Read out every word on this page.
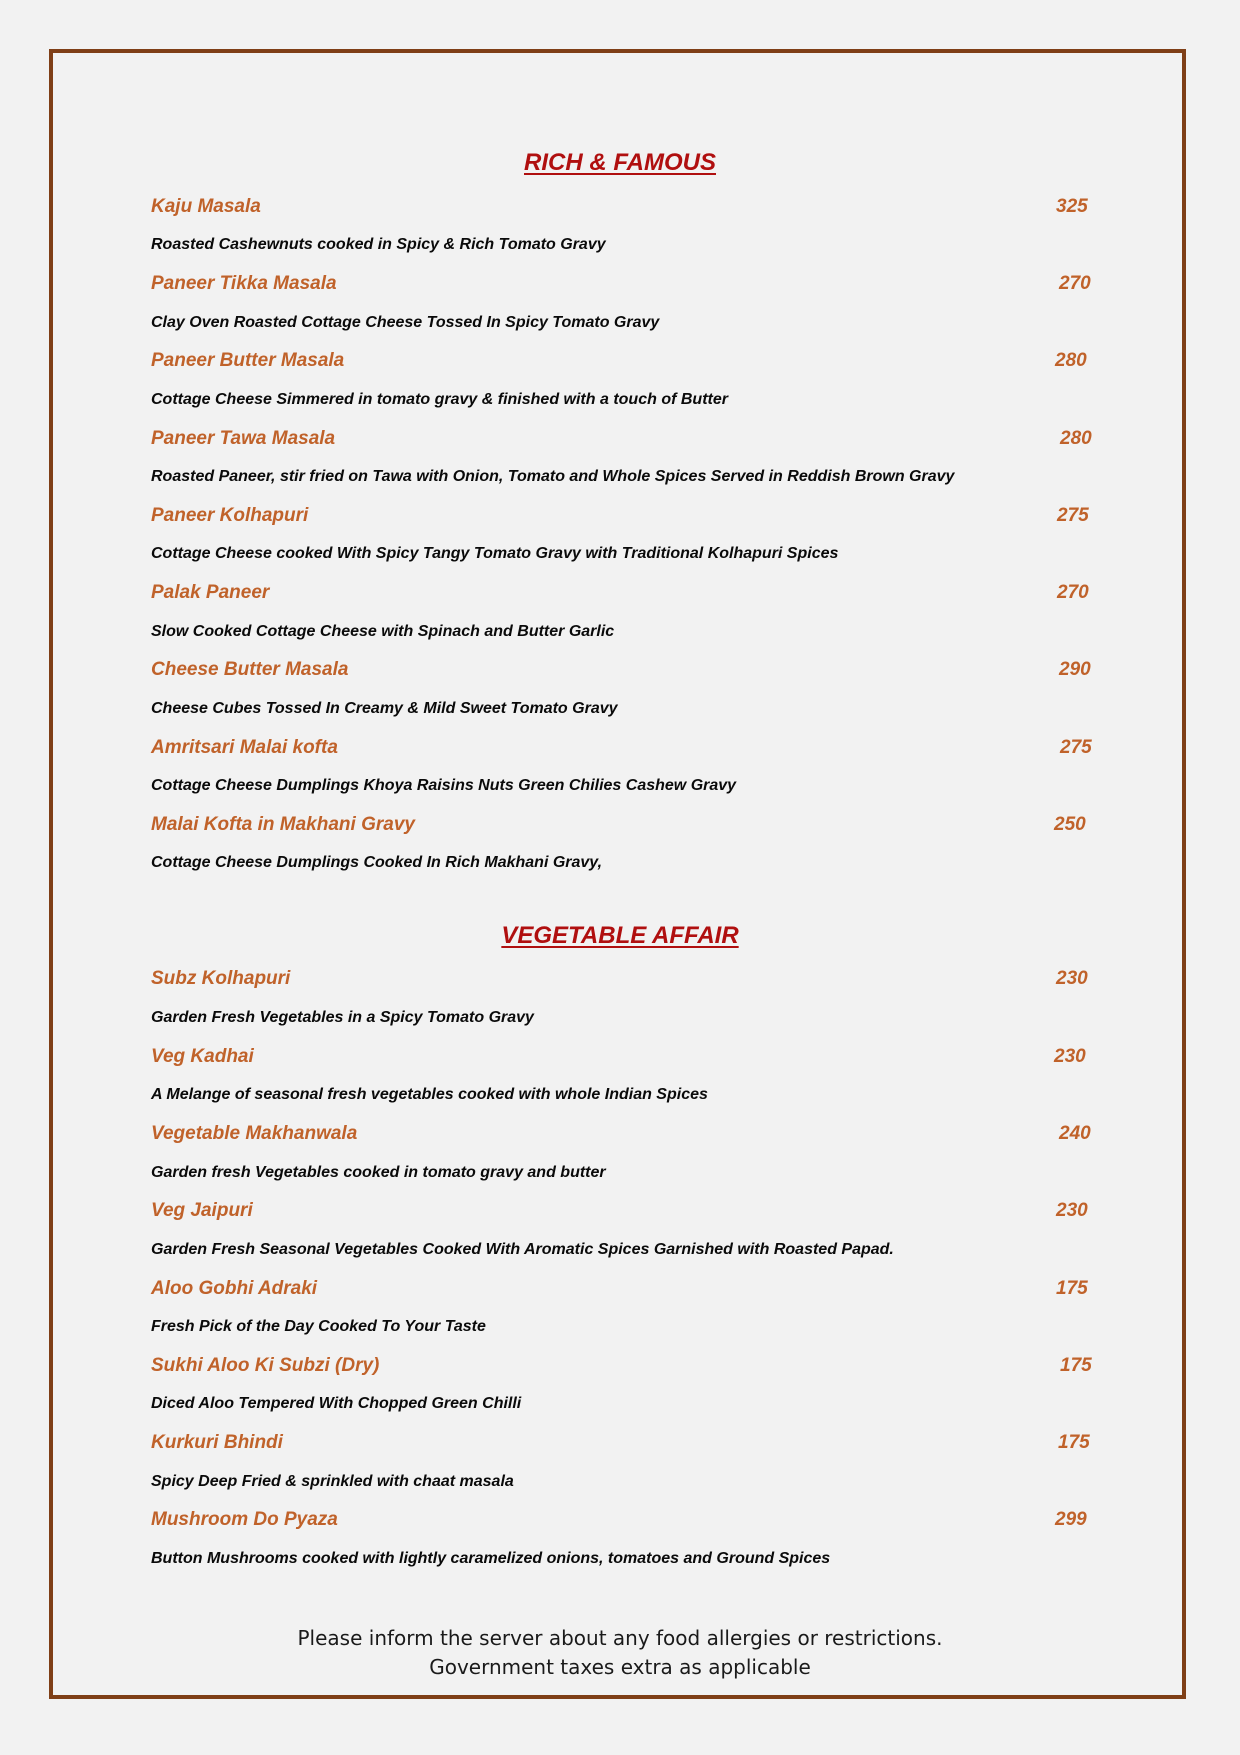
RICH & FAMOUS
Kaju Masala	325
Roasted Cashewnuts cooked in Spicy & Rich Tomato Gravy
Paneer Tikka Masala	270
Clay Oven Roasted Cottage Cheese Tossed In Spicy Tomato Gravy
Paneer Butter Masala	280
Cottage Cheese Simmered in tomato gravy & finished with a touch of Butter
Paneer Tawa Masala	280
Roasted Paneer, stir fried on Tawa with Onion, Tomato and Whole Spices Served in Reddish Brown Gravy
Paneer Kolhapuri	275
Cottage Cheese cooked With Spicy Tangy Tomato Gravy with Traditional Kolhapuri Spices
Palak Paneer	270
Slow Cooked Cottage Cheese with Spinach and Butter Garlic
Cheese Butter Masala	290
Cheese Cubes Tossed In Creamy & Mild Sweet Tomato Gravy
Amritsari Malai kofta	275
Cottage Cheese Dumplings Khoya Raisins Nuts Green Chilies Cashew Gravy
Malai Kofta in Makhani Gravy	250
Cottage Cheese Dumplings Cooked In Rich Makhani Gravy,
VEGETABLE AFFAIR
Subz Kolhapuri	230
Garden Fresh Vegetables in a Spicy Tomato Gravy
Veg Kadhai	230
A Melange of seasonal fresh vegetables cooked with whole Indian Spices
Vegetable Makhanwala	240
Garden fresh Vegetables cooked in tomato gravy and butter
Veg Jaipuri	230
Garden Fresh Seasonal Vegetables Cooked With Aromatic Spices Garnished with Roasted Papad.
Aloo Gobhi Adraki	175
Fresh Pick of the Day Cooked To Your Taste
Sukhi Aloo Ki Subzi (Dry)	175
Diced Aloo Tempered With Chopped Green Chilli
Kurkuri Bhindi	175
Spicy Deep Fried & sprinkled with chaat masala
Mushroom Do Pyaza	299
Button Mushrooms cooked with lightly caramelized onions, tomatoes and Ground Spices
Please inform the server about any food allergies or restrictions.
Government taxes extra as applicable
